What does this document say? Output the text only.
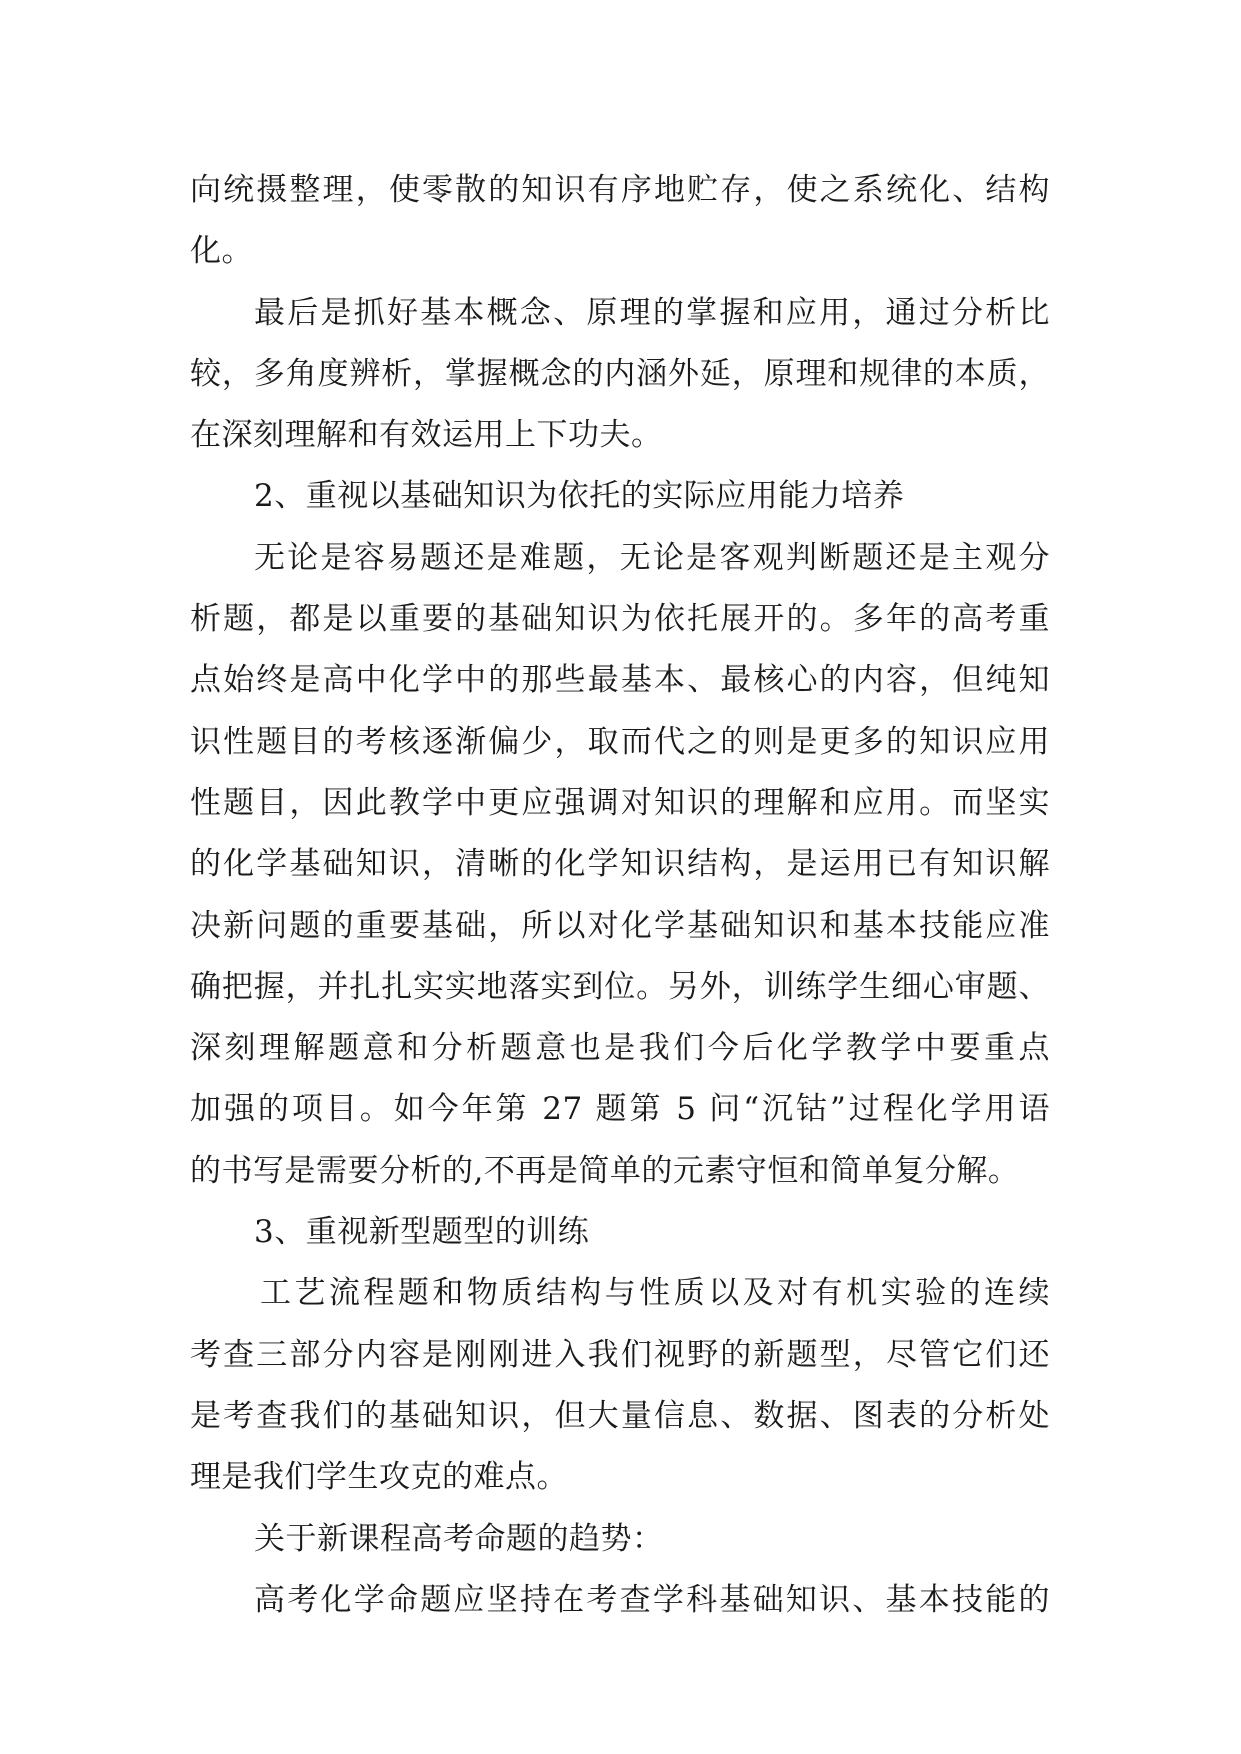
向统摄整理，使零散的知识有序地贮存，使之系统化、结构
化。
最后是抓好基本概念、原理的掌握和应用，通过分析比
较，多角度辨析，掌握概念的内涵外延，原理和规律的本质，
在深刻理解和有效运用上下功夫。
2、重视以基础知识为依托的实际应用能力培养
无论是容易题还是难题，无论是客观判断题还是主观分
析题，都是以重要的基础知识为依托展开的。多年的高考重
点始终是高中化学中的那些最基本、最核心的内容，但纯知
识性题目的考核逐渐偏少，取而代之的则是更多的知识应用
性题目，因此教学中更应强调对知识的理解和应用。而坚实
的化学基础知识，清晰的化学知识结构，是运用已有知识解
决新问题的重要基础，所以对化学基础知识和基本技能应准
确把握，并扎扎实实地落实到位。另外，训练学生细心审题、
深刻理解题意和分析题意也是我们今后化学教学中要重点
加强的项目。如今年第 27 题第 5 问“沉钴”过程化学用语
的书写是需要分析的,不再是简单的元素守恒和简单复分解。
3、重视新型题型的训练
工艺流程题和物质结构与性质以及对有机实验的连续
考查三部分内容是刚刚进入我们视野的新题型，尽管它们还
是考查我们的基础知识，但大量信息、数据、图表的分析处
理是我们学生攻克的难点。
关于新课程高考命题的趋势：
高考化学命题应坚持在考查学科基础知识、基本技能的
